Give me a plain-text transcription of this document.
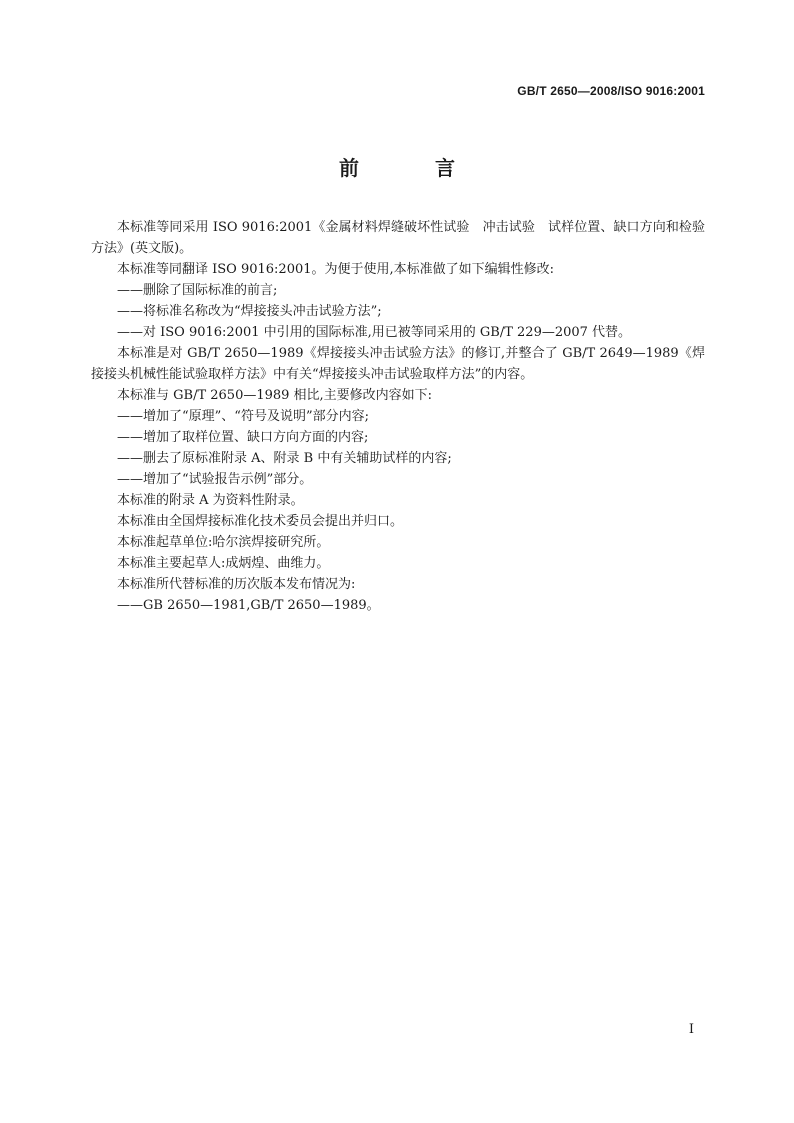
GB/T 2650—2008/ISO 9016:2001
前　言

本标准等同采用 ISO 9016:2001《金属材料焊缝破坏性试验　冲击试验　试样位置、缺口方向和检验方法》(英文版)。

本标准等同翻译 ISO 9016:2001。为便于使用,本标准做了如下编辑性修改:

——删除了国际标准的前言;

——将标准名称改为“焊接接头冲击试验方法”;

——对 ISO 9016:2001 中引用的国际标准,用已被等同采用的 GB/T 229—2007 代替。

本标准是对 GB/T 2650—1989《焊接接头冲击试验方法》的修订,并整合了 GB/T 2649—1989《焊接接头机械性能试验取样方法》中有关“焊接接头冲击试验取样方法”的内容。

本标准与 GB/T 2650—1989 相比,主要修改内容如下:

——增加了“原理”、“符号及说明”部分内容;

——增加了取样位置、缺口方向方面的内容;

——删去了原标准附录 A、附录 B 中有关辅助试样的内容;

——增加了“试验报告示例”部分。

本标准的附录 A 为资料性附录。

本标准由全国焊接标准化技术委员会提出并归口。

本标准起草单位:哈尔滨焊接研究所。

本标准主要起草人:成炳煌、曲维力。

本标准所代替标准的历次版本发布情况为:

——GB 2650—1981,GB/T 2650—1989。

I
